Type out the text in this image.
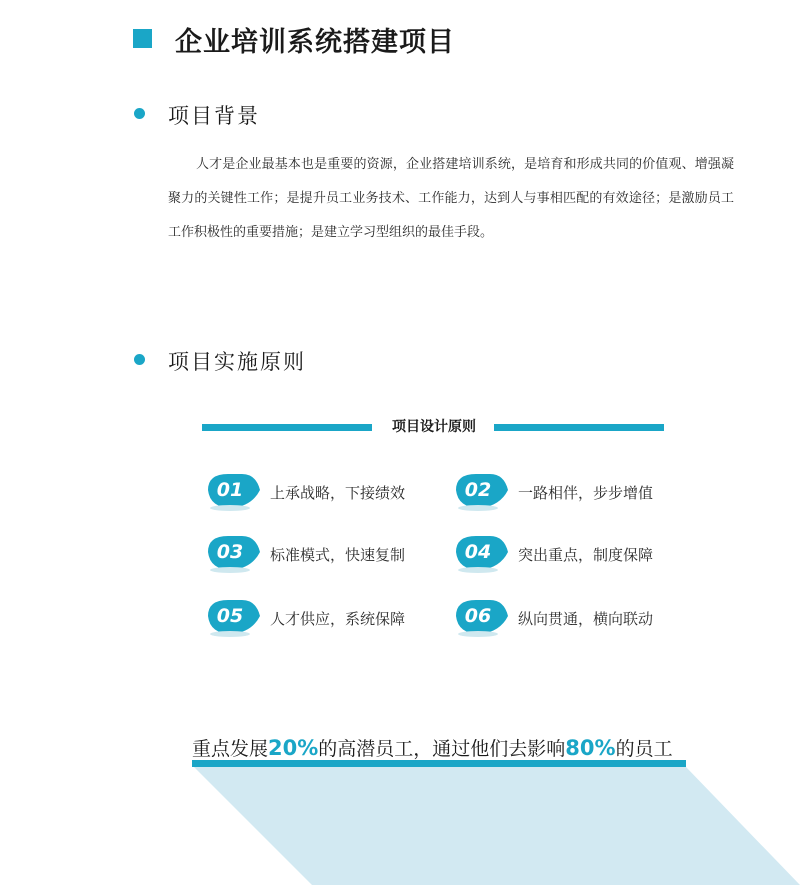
企业培训系统搭建项目
项目背景
人才是企业最基本也是重要的资源，企业搭建培训系统，是培育和形成共同的价值观、增强凝聚力的关键性工作；是提升员工业务技术、工作能力，达到人与事相匹配的有效途径；是激励员工工作积极性的重要措施；是建立学习型组织的最佳手段。
项目实施原则
项目设计原则
01	上承战略，下接绩效	02	一路相伴，步步增值
03	标准模式，快速复制	04	突出重点，制度保障
05	人才供应，系统保障	06	纵向贯通，横向联动
重点发展20%的高潜员工，通过他们去影响80%的员工
